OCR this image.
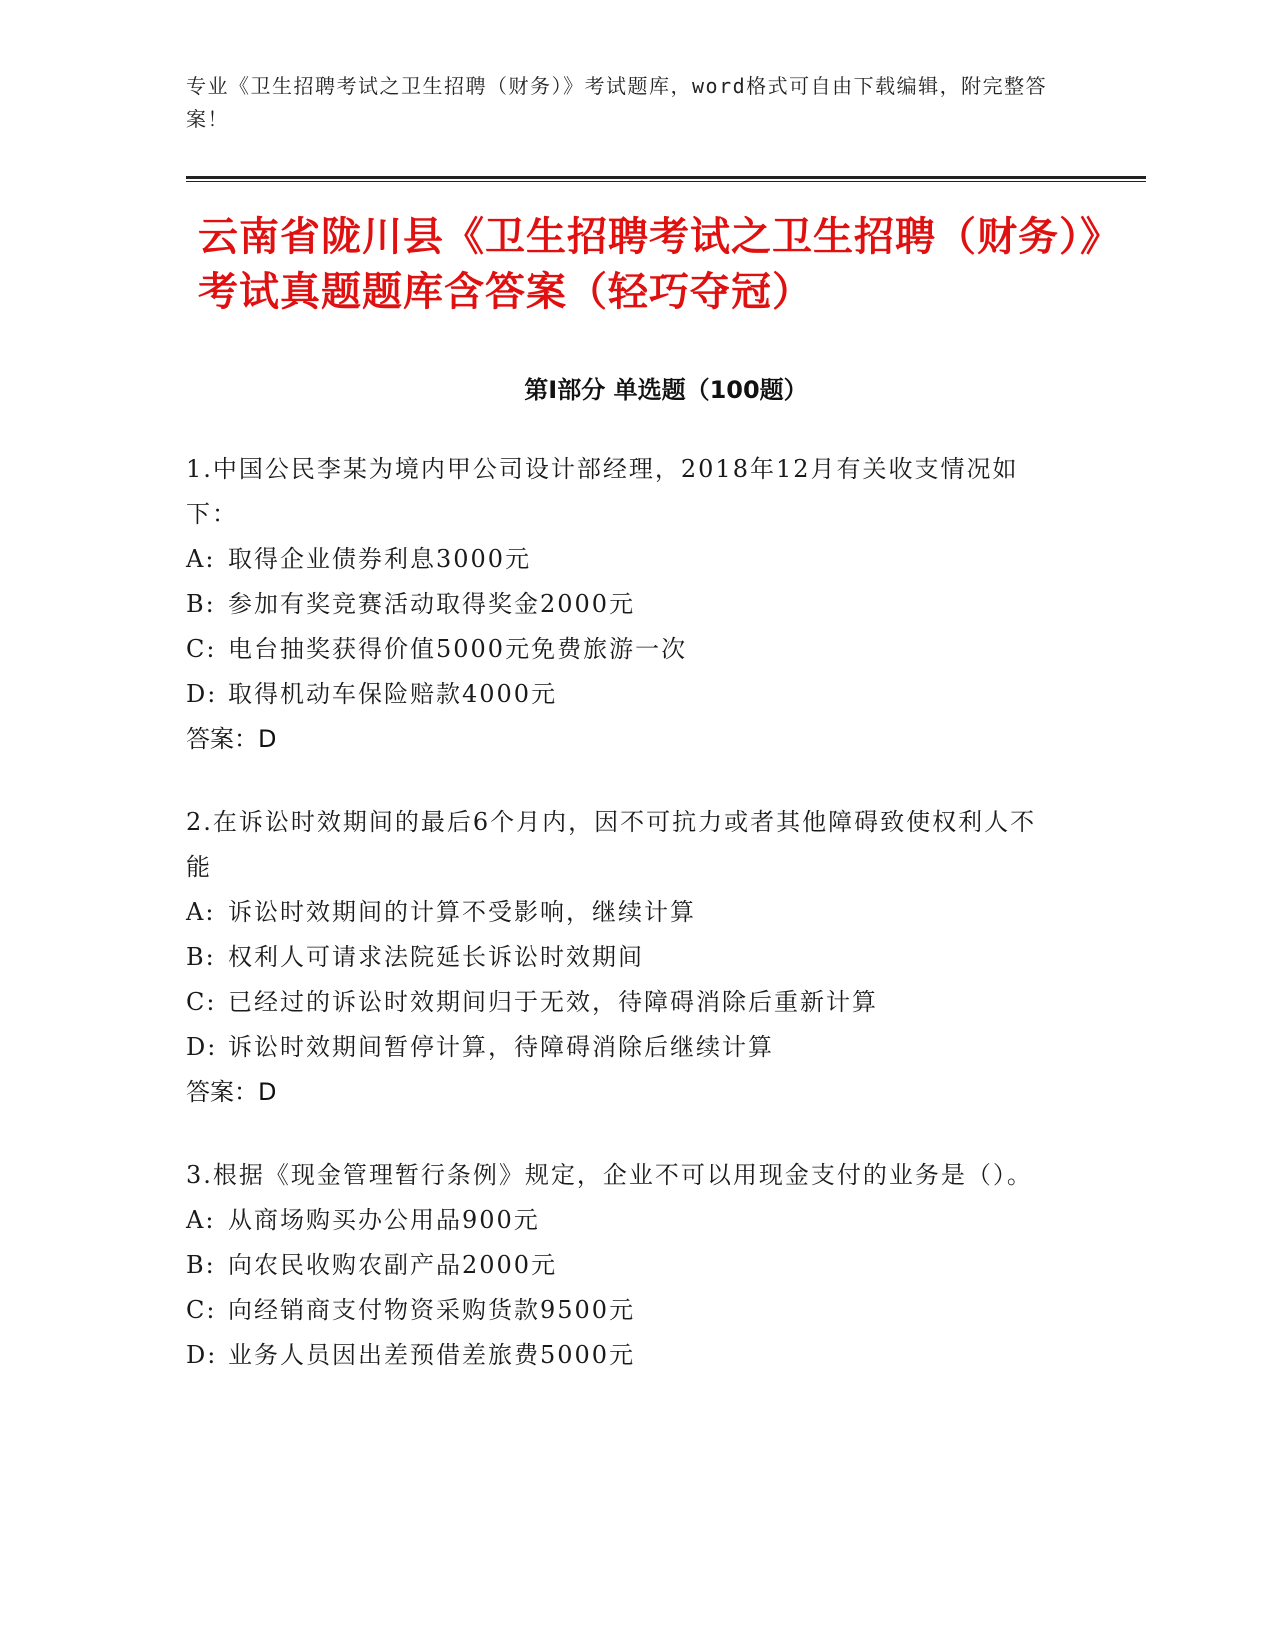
专业《卫生招聘考试之卫生招聘（财务）》考试题库，word格式可自由下载编辑，附完整答案！

云南省陇川县《卫生招聘考试之卫生招聘（财务）》考试真题题库含答案（轻巧夺冠）
第I部分 单选题（100题）

1.中国公民李某为境内甲公司设计部经理，2018年12月有关收支情况如下：

A: 取得企业债券利息3000元

B: 参加有奖竞赛活动取得奖金2000元

C: 电台抽奖获得价值5000元免费旅游一次

D: 取得机动车保险赔款4000元

答案：D

2.在诉讼时效期间的最后6个月内，因不可抗力或者其他障碍致使权利人不能

A: 诉讼时效期间的计算不受影响，继续计算

B: 权利人可请求法院延长诉讼时效期间

C: 已经过的诉讼时效期间归于无效，待障碍消除后重新计算

D: 诉讼时效期间暂停计算，待障碍消除后继续计算

答案：D

3.根据《现金管理暂行条例》规定，企业不可以用现金支付的业务是（）。

A: 从商场购买办公用品900元

B: 向农民收购农副产品2000元

C: 向经销商支付物资采购货款9500元

D: 业务人员因出差预借差旅费5000元
